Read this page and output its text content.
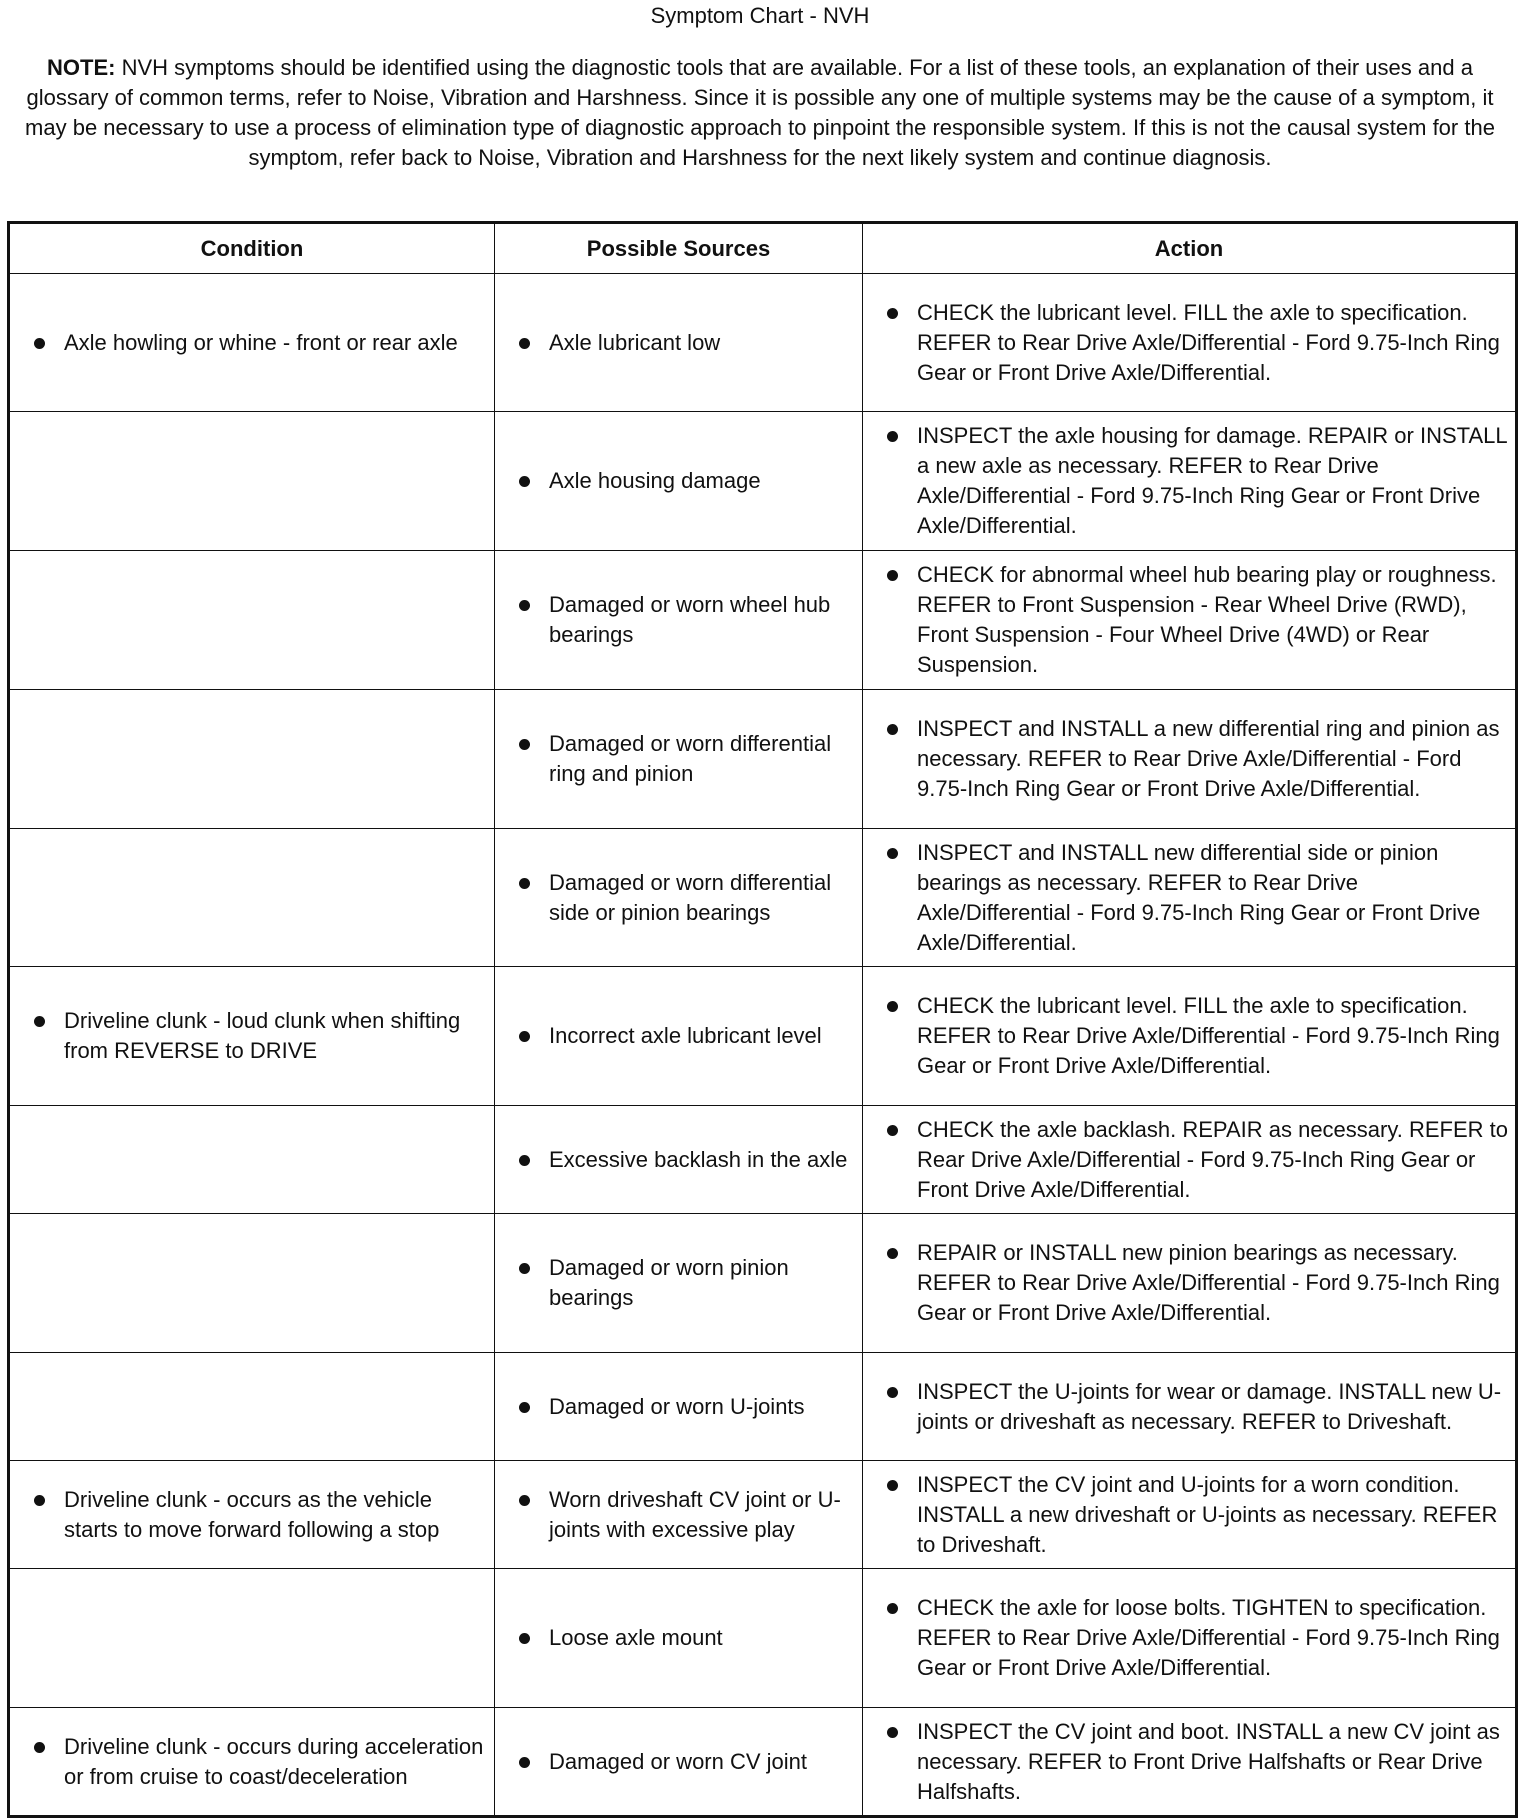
Symptom Chart - NVH
NOTE: NVH symptoms should be identified using the diagnostic tools that are available. For a list of these tools, an explanation of their uses and a glossary of common terms, refer to Noise, Vibration and Harshness. Since it is possible any one of multiple systems may be the cause of a symptom, it may be necessary to use a process of elimination type of diagnostic approach to pinpoint the responsible system. If this is not the causal system for the symptom, refer back to Noise, Vibration and Harshness for the next likely system and continue diagnosis.
Condition	Possible Sources	Action

Axle howling or whine - front or rear axle	Axle lubricant low	CHECK the lubricant level. FILL the axle to specification. REFER to Rear Drive Axle/Differential - Ford 9.75-Inch Ring Gear or Front Drive Axle/Differential.

	Axle housing damage	INSPECT the axle housing for damage. REPAIR or INSTALL a new axle as necessary. REFER to Rear Drive Axle/Differential - Ford 9.75-Inch Ring Gear or Front Drive Axle/Differential.

	Damaged or worn wheel hub bearings	CHECK for abnormal wheel hub bearing play or roughness. REFER to Front Suspension - Rear Wheel Drive (RWD), Front Suspension - Four Wheel Drive (4WD) or Rear Suspension.

	Damaged or worn differential ring and pinion	INSPECT and INSTALL a new differential ring and pinion as necessary. REFER to Rear Drive Axle/Differential - Ford 9.75-Inch Ring Gear or Front Drive Axle/Differential.

	Damaged or worn differential side or pinion bearings	INSPECT and INSTALL new differential side or pinion bearings as necessary. REFER to Rear Drive Axle/Differential - Ford 9.75-Inch Ring Gear or Front Drive Axle/Differential.

Driveline clunk - loud clunk when shifting from REVERSE to DRIVE	Incorrect axle lubricant level	CHECK the lubricant level. FILL the axle to specification. REFER to Rear Drive Axle/Differential - Ford 9.75-Inch Ring Gear or Front Drive Axle/Differential.

	Excessive backlash in the axle	CHECK the axle backlash. REPAIR as necessary. REFER to Rear Drive Axle/Differential - Ford 9.75-Inch Ring Gear or Front Drive Axle/Differential.

	Damaged or worn pinion bearings	REPAIR or INSTALL new pinion bearings as necessary. REFER to Rear Drive Axle/Differential - Ford 9.75-Inch Ring Gear or Front Drive Axle/Differential.

	Damaged or worn U-joints	INSPECT the U-joints for wear or damage. INSTALL new U-joints or driveshaft as necessary. REFER to Driveshaft.

Driveline clunk - occurs as the vehicle starts to move forward following a stop	Worn driveshaft CV joint or U-joints with excessive play	INSPECT the CV joint and U-joints for a worn condition. INSTALL a new driveshaft or U-joints as necessary. REFER to Driveshaft.

	Loose axle mount	CHECK the axle for loose bolts. TIGHTEN to specification. REFER to Rear Drive Axle/Differential - Ford 9.75-Inch Ring Gear or Front Drive Axle/Differential.

Driveline clunk - occurs during acceleration or from cruise to coast/deceleration	Damaged or worn CV joint	INSPECT the CV joint and boot. INSTALL a new CV joint as necessary. REFER to Front Drive Halfshafts or Rear Drive Halfshafts.
